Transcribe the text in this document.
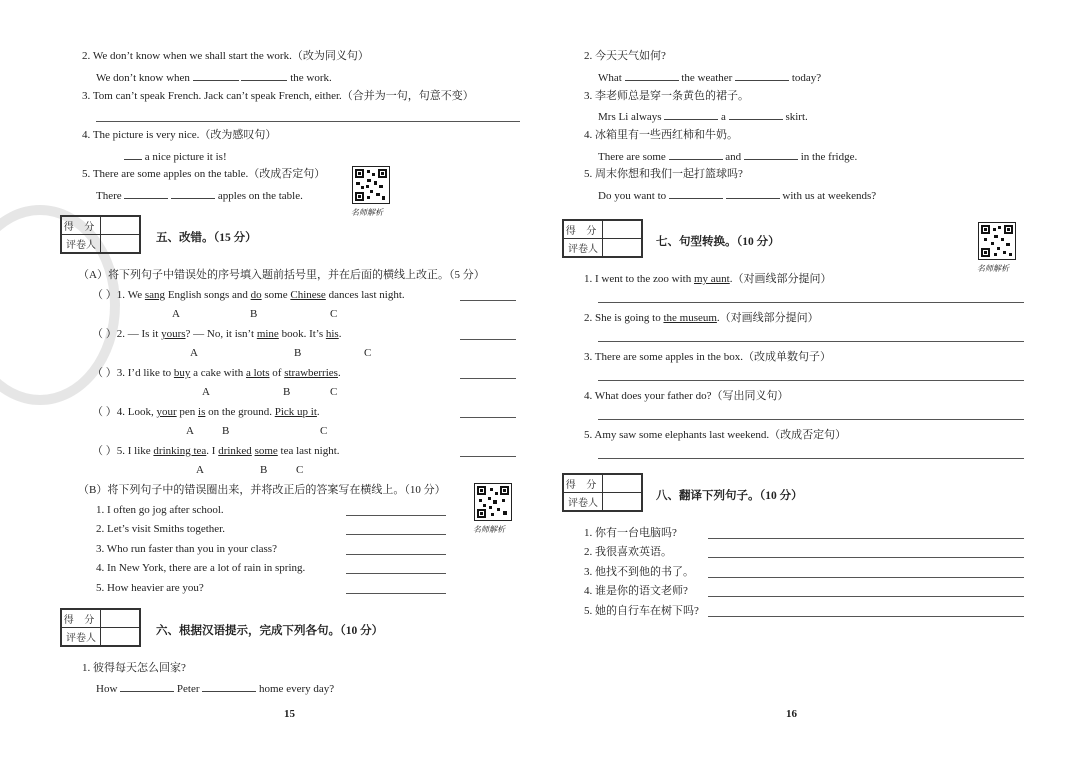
2. We don’t know when we shall start the work.（改为同义句）
We don’t know when	the work.
3. Tom can’t speak French. Jack can’t speak French, either.（合并为一句，句意不变）
4. The picture is very nice.（改为感叹句）
a nice picture it is!
5. There are some apples on the table.（改成否定句）
There	apples on the table.
名师解析
得 分	
评卷人	
五、改错。（15 分）
（A）将下列句子中错误处的序号填入题前括号里，并在后面的横线上改正。（5 分）
（ ）1. We sang English songs and do some Chinese dances last night.
A	B	C
（ ）2. — Is it yours? — No, it isn’t mine book. It’s his.
A	B	C
（ ）3. I’d like to buy a cake with a lots of strawberries.
A	B	C
（ ）4. Look, your pen is on the ground. Pick up it.
A	B	C
（ ）5. I like drinking tea. I drinked some tea last night.
A	B	C
（B）将下列句子中的错误圈出来，并将改正后的答案写在横线上。（10 分）
1. I often go jog after school.
2. Let’s visit Smiths together.
3. Who run faster than you in your class?
4. In New York, there are a lot of rain in spring.
5. How heavier are you?
名师解析
得 分	
评卷人	
六、根据汉语提示，完成下列各句。（10 分）
1. 彼得每天怎么回家?
How	Peter	home every day?
15
2. 今天天气如何?
What	the weather	today?
3. 李老师总是穿一条黄色的裙子。
Mrs Li always	a	skirt.
4. 冰箱里有一些西红柿和牛奶。
There are some	and	in the fridge.
5. 周末你想和我们一起打篮球吗?
Do you want to	with us at weekends?
得 分	
评卷人	
七、句型转换。（10 分）
名师解析
1. I went to the zoo with my aunt.（对画线部分提问）
2. She is going to the museum.（对画线部分提问）
3. There are some apples in the box.（改成单数句子）
4. What does your father do?（写出同义句）
5. Amy saw some elephants last weekend.（改成否定句）
得 分	
评卷人	
八、翻译下列句子。（10 分）
1. 你有一台电脑吗?
2. 我很喜欢英语。
3. 他找不到他的书了。
4. 谁是你的语文老师?
5. 她的自行车在树下吗?
16
